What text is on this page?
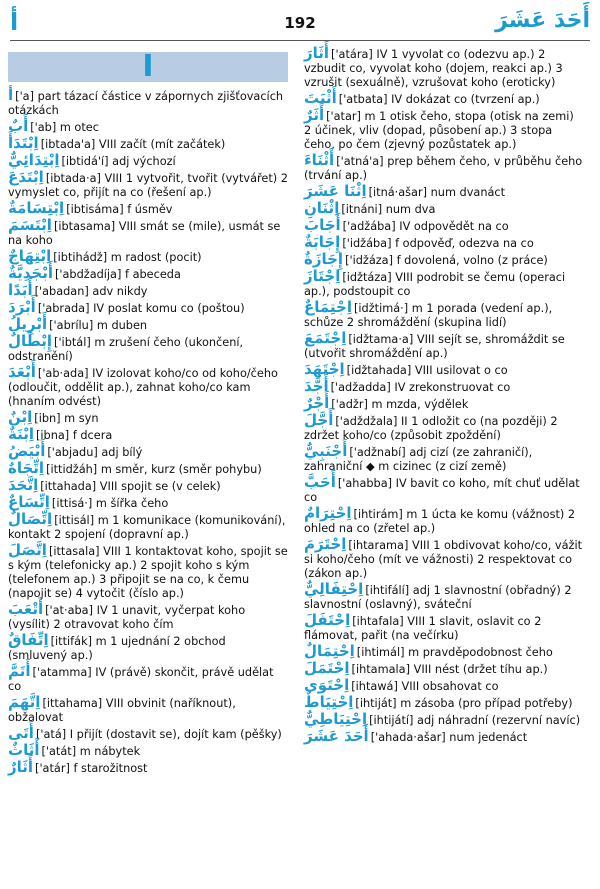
أ	192	أَحَدَ عَشَرَ
I
أ ['a] part tázací částice v zápornych zjišťovacích otázkách
أَبٌ ['ab] m otec
اِبْتَدَأَ [ibtada'a] VIII začít (mít začátek)
اِبْتِدَائِيٌّ [ibtidá'í] adj výchozí
اِبْتَدَعَ [ibtada·a] VIII 1 vytvořit, tvořit (vytvářet) 2 vymyslet co, přijít na co (řešení ap.)
اِبْتِسَامَةٌ [ibtisáma] f úsměv
اِبْتَسَمَ [ibtasama] VIII smát se (mile), usmát se na koho
اِبْتِهَاجٌ [ibtihádž] m radost (pocit)
أَبْجَدِيَّةٌ ['abdžadíja] f abeceda
أَبَدًا ['abadan] adv nikdy
أَبْرَدَ ['abrada] IV poslat komu co (poštou)
أَبْرِيلُ ['abrílu] m duben
إِبْطَالٌ ['ibtál] m zrušení čeho (ukončení, odstranění)
أَبْعَدَ ['ab·ada] IV izolovat koho/co od koho/čeho (odloučit, oddělit ap.), zahnat koho/co kam (hnaním odvést)
اِبْنٌ [ibn] m syn
اِبْنَةٌ [ibna] f dcera
أَبْيَضُ ['abjadu] adj bílý
اِتِّجَاهٌ [ittidžáh] m směr, kurz (směr pohybu)
اِتَّحَدَ [ittahada] VIII spojit se (v celek)
اِتِّسَاعٌ [ittisá·] m šířka čeho
اِتِّصَالٌ [ittisál] m 1 komunikace (komunikování), kontakt 2 spojení (dopravní ap.)
اِتَّصَلَ [ittasala] VIII 1 kontaktovat koho, spojit se s kým (telefonicky ap.) 2 spojit koho s kým (telefonem ap.) 3 připojit se na co, k čemu (napojit se) 4 vytočit (číslo ap.)
أَتْعَبَ ['at·aba] IV 1 unavit, vyčerpat koho (vysílit) 2 otravovat koho čím
اِتِّفَاقٌ [ittifák] m 1 ujednání 2 obchod (smluvený ap.)
أَتَمَّ ['atamma] IV (právě) skončit, právě udělat co
اِتَّهَمَ [ittahama] VIII obvinit (naříknout), obžalovat
أَتَى ['atá] I přijít (dostavit se), dojít kam (pěšky)
أَثَاثٌ ['atát] m nábytek
أَثَارٌ ['atár] f starožitnost
أَثَارَ ['atára] IV 1 vyvolat co (odezvu ap.) 2 vzbudit co, vyvolat koho (dojem, reakci ap.) 3 vzrušit (sexuálně), vzrušovat koho (eroticky)
أَثْبَتَ ['atbata] IV dokázat co (tvrzení ap.)
أَثَرٌ ['atar] m 1 otisk čeho, stopa (otisk na zemi) 2 účinek, vliv (dopad, působení ap.) 3 stopa čeho, po čem (zjevný pozůstatek ap.)
أَثْنَاءَ ['atná'a] prep během čeho, v průběhu čeho (trvání ap.)
اِثْنَا عَشَرَ [itná·ašar] num dvanáct
اِثْنَانِ [itnáni] num dva
أَجَابَ ['adžába] IV odpovědět na co
إِجَابَةٌ ['idžába] f odpověď, odezva na co
إِجَازَةٌ ['idžáza] f dovolená, volno (z práce)
اِجْتَازَ [idžtáza] VIII podrobit se čemu (operaci ap.), podstoupit co
اِجْتِمَاعٌ [idžtimá·] m 1 porada (vedení ap.), schůze 2 shromáždění (skupina lidí)
اِجْتَمَعَ [idžtama·a] VIII sejít se, shromáždit se (utvořit shromáždění ap.)
اِجْتَهَدَ [idžtahada] VIII usilovat o co
أَجَّدَ ['adžadda] IV zrekonstruovat co
أَجْرٌ ['adžr] m mzda, výdělek
أَجَّلَ ['adždžala] II 1 odložit co (na později) 2 zdržet koho/co (způsobit zpoždění)
أَجْنَبِيٌّ ['adžnabí] adj cizí (ze zahraničí), zahraniční ◆ m cizinec (z cizí země)
أَحَبَّ ['ahabba] IV bavit co koho, mít chuť udělat co
اِحْتِرَامٌ [ihtirám] m 1 úcta ke komu (vážnost) 2 ohled na co (zřetel ap.)
اِحْتَرَمَ [ihtarama] VIII 1 obdivovat koho/co, vážit si koho/čeho (mít ve vážnosti) 2 respektovat co (zákon ap.)
اِحْتِفَالِيٌّ [ihtifálí] adj 1 slavnostní (obřadný) 2 slavnostní (oslavný), sváteční
اِحْتَفَلَ [ihtafala] VIII 1 slavit, oslavit co 2 flámovat, pařit (na večírku)
اِحْتِمَالٌ [ihtimál] m pravděpodobnost čeho
اِحْتَمَلَ [ihtamala] VIII nést (držet tíhu ap.)
اِحْتَوَى [ihtawá] VIII obsahovat co
اِحْتِيَاطٌ [ihtiját] m zásoba (pro případ potřeby)
اِحْتِيَاطِيٌّ [ihtijátí] adj náhradní (rezervní navíc)
أَحَدَ عَشَرَ ['ahada·ašar] num jedenáct
